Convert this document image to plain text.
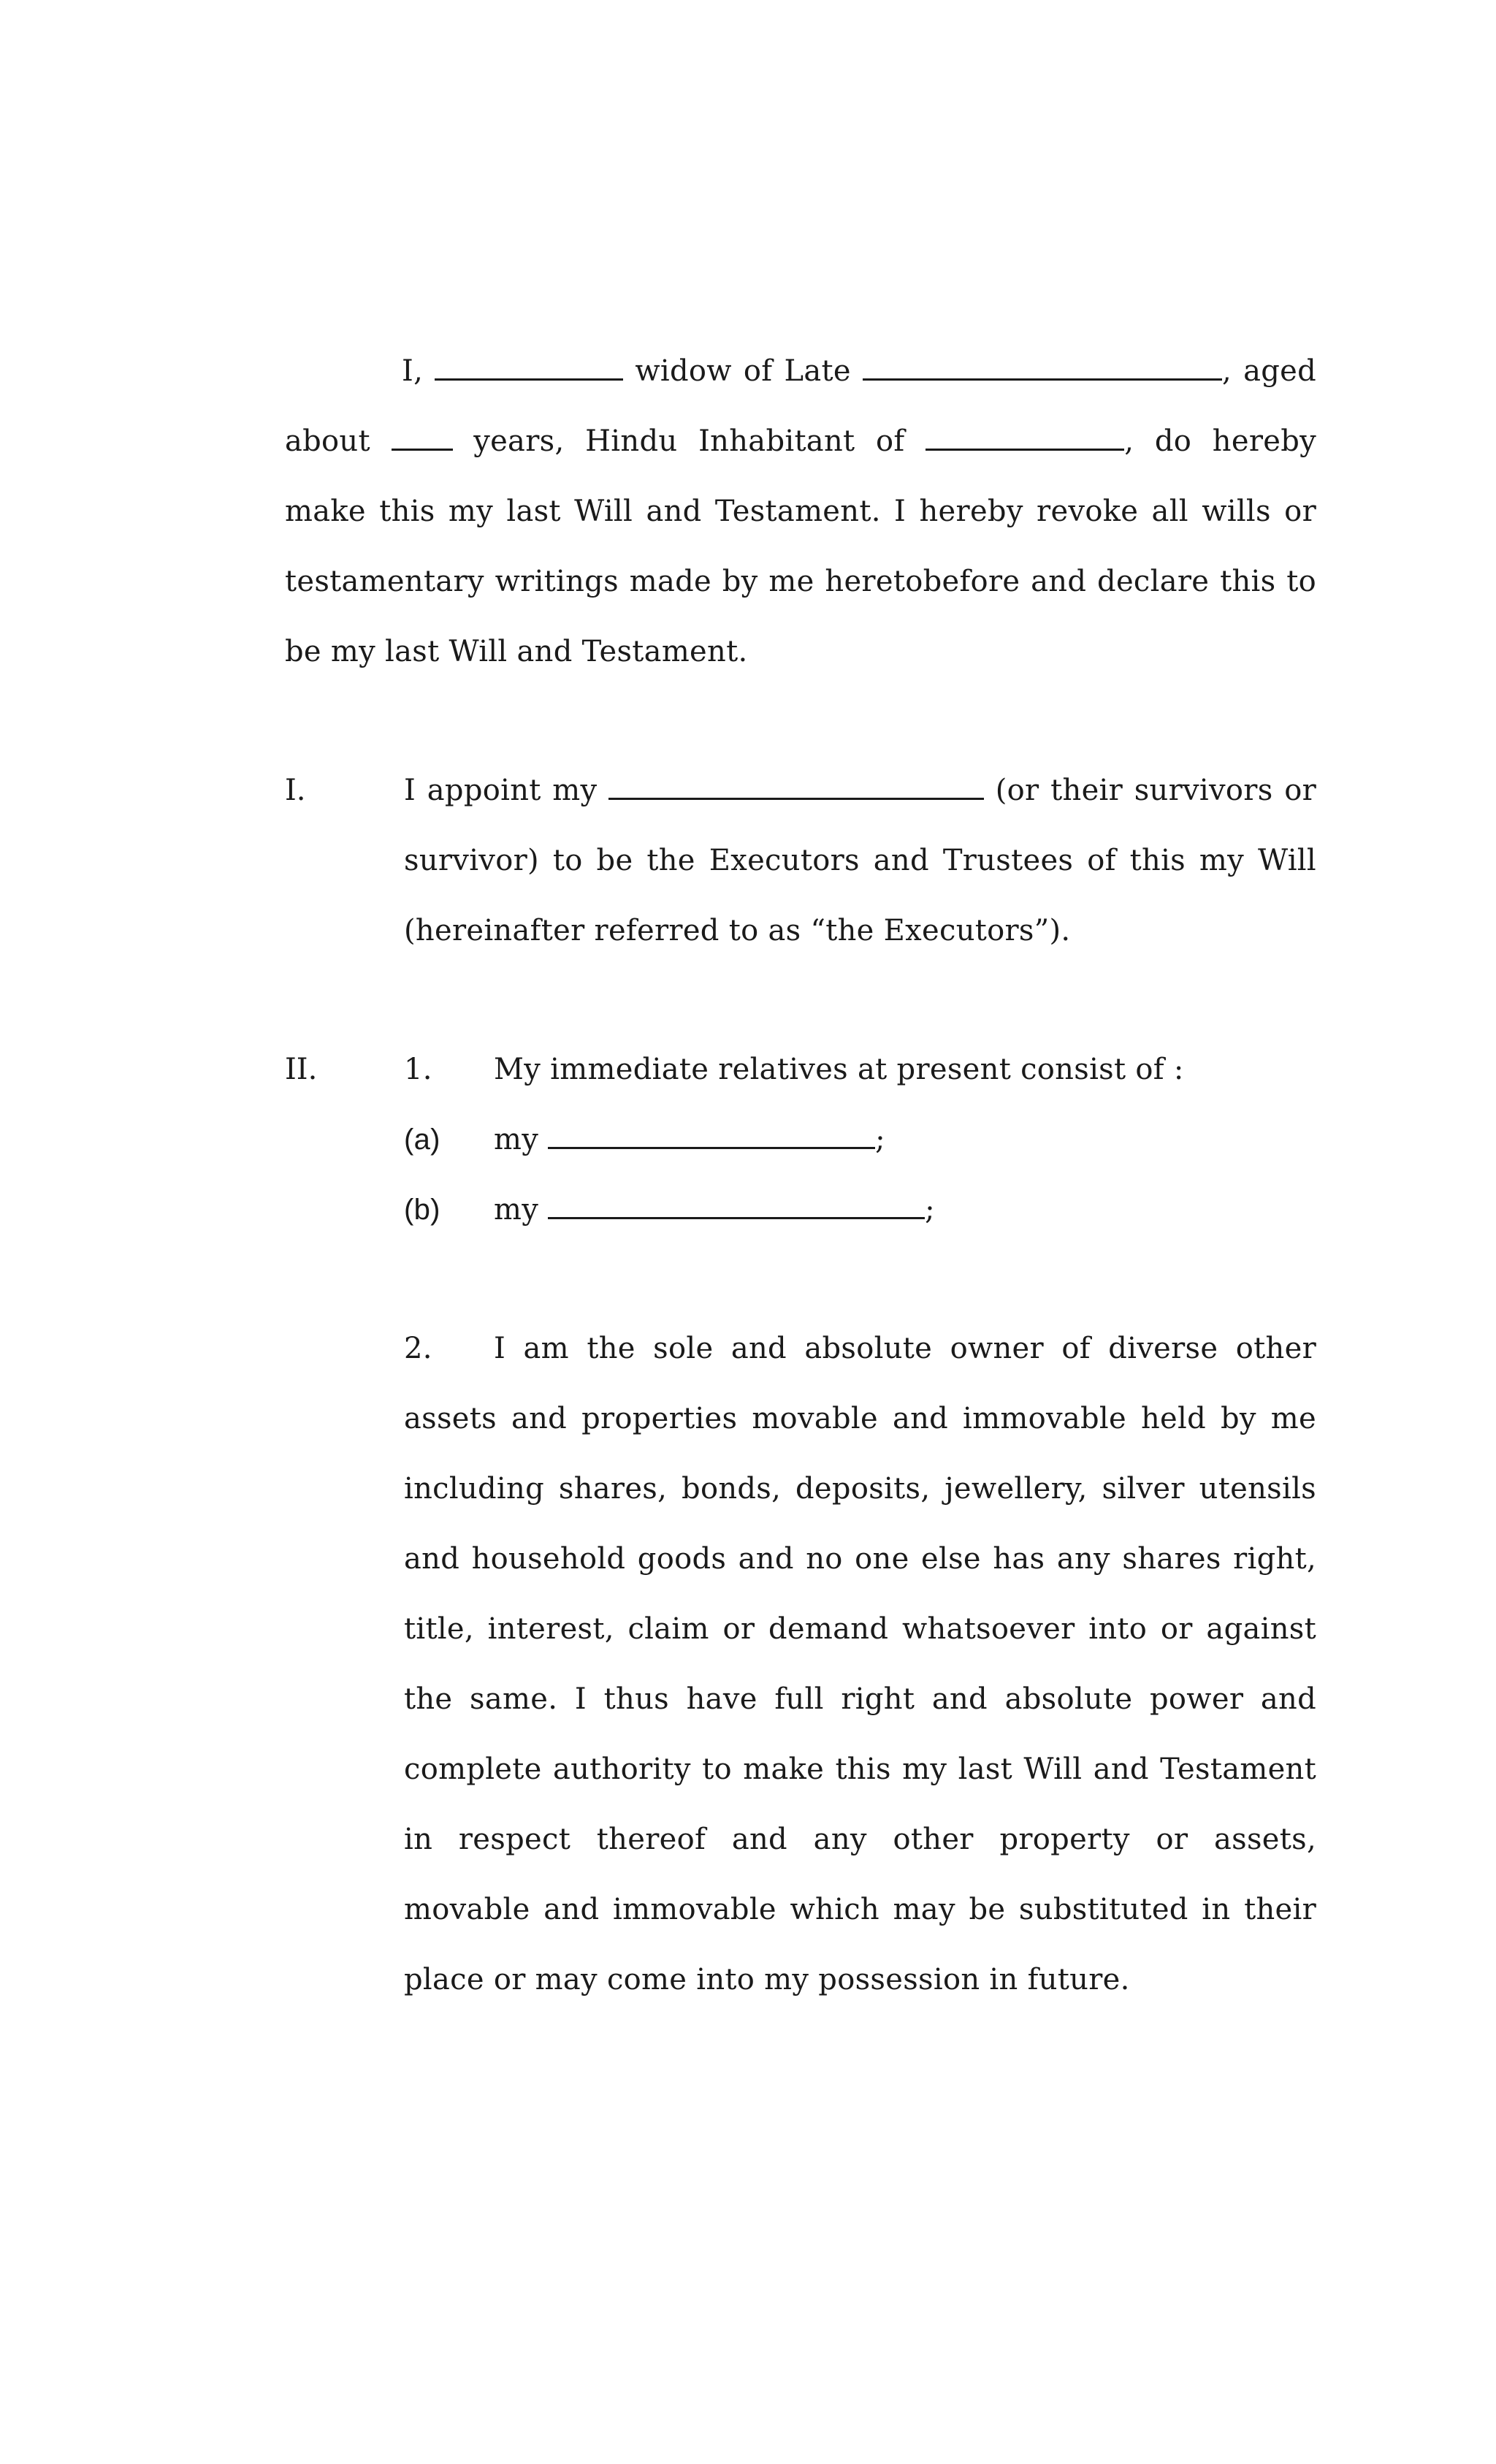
I,	widow of Late	, aged
about	years, Hindu Inhabitant of	, do hereby
make this my last Will and Testament. I hereby revoke all wills or
testamentary writings made by me heretobefore and declare this to
be my last Will and Testament.
I.	I appoint my	(or their survivors or
survivor) to be the Executors and Trustees of this my Will
(hereinafter referred to as “the Executors”).
II.	1. My immediate relatives at present consist of :
(a) my	;
(b) my	;
2. I am the sole and absolute owner of diverse other
assets and properties movable and immovable held by me
including shares, bonds, deposits, jewellery, silver utensils
and household goods and no one else has any shares right,
title, interest, claim or demand whatsoever into or against
the same. I thus have full right and absolute power and
complete authority to make this my last Will and Testament
in respect thereof and any other property or assets,
movable and immovable which may be substituted in their
place or may come into my possession in future.
